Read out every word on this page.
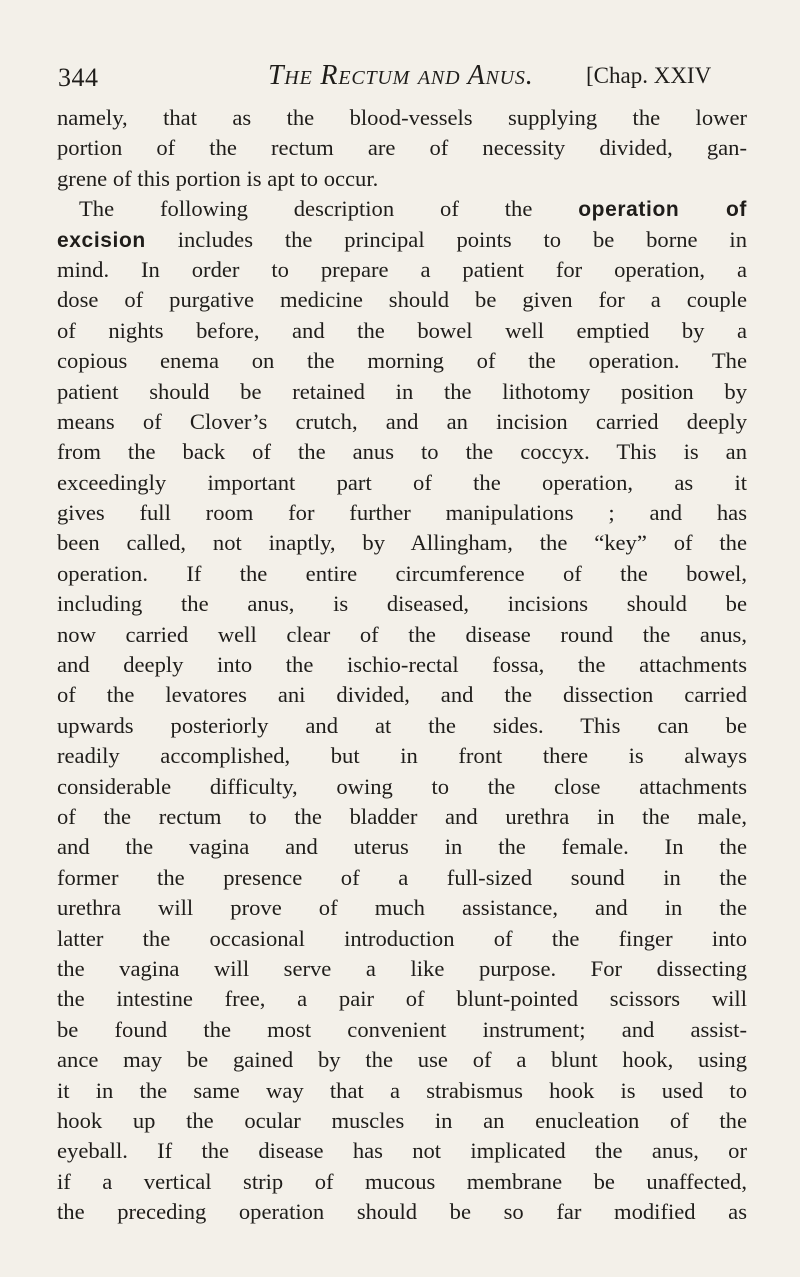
344	The Rectum and Anus. [Chap. XXIV
namely, that as the blood-vessels supplying the lower
portion of the rectum are of necessity divided, gan-
grene of this portion is apt to occur.
The following description of the operation of
excision includes the principal points to be borne in
mind. In order to prepare a patient for operation, a
dose of purgative medicine should be given for a couple
of nights before, and the bowel well emptied by a
copious enema on the morning of the operation. The
patient should be retained in the lithotomy position by
means of Clover’s crutch, and an incision carried deeply
from the back of the anus to the coccyx. This is an
exceedingly important part of the operation, as it
gives full room for further manipulations ; and has
been called, not inaptly, by Allingham, the “key” of the
operation. If the entire circumference of the bowel,
including the anus, is diseased, incisions should be
now carried well clear of the disease round the anus,
and deeply into the ischio-rectal fossa, the attachments
of the levatores ani divided, and the dissection carried
upwards posteriorly and at the sides. This can be
readily accomplished, but in front there is always
considerable difficulty, owing to the close attachments
of the rectum to the bladder and urethra in the male,
and the vagina and uterus in the female. In the
former the presence of a full-sized sound in the
urethra will prove of much assistance, and in the
latter the occasional introduction of the finger into
the vagina will serve a like purpose. For dissecting
the intestine free, a pair of blunt-pointed scissors will
be found the most convenient instrument; and assist-
ance may be gained by the use of a blunt hook, using
it in the same way that a strabismus hook is used to
hook up the ocular muscles in an enucleation of the
eyeball. If the disease has not implicated the anus, or
if a vertical strip of mucous membrane be unaffected,
the preceding operation should be so far modified as
